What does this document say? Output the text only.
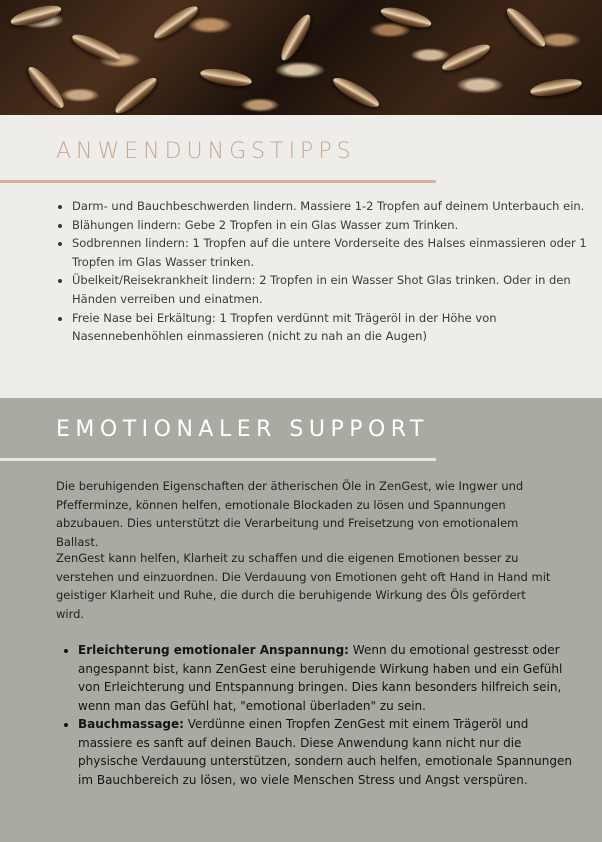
ANWENDUNGSTIPPS
• Darm- und Bauchbeschwerden lindern. Massiere 1-2 Tropfen auf deinem Unterbauch ein.
• Blähungen lindern: Gebe 2 Tropfen in ein Glas Wasser zum Trinken.
• Sodbrennen lindern: 1 Tropfen auf die untere Vorderseite des Halses einmassieren oder 1 Tropfen im Glas Wasser trinken.
• Übelkeit/Reisekrankheit lindern: 2 Tropfen in ein Wasser Shot Glas trinken. Oder in den Händen verreiben und einatmen.
• Freie Nase bei Erkältung: 1 Tropfen verdünnt mit Trägeröl in der Höhe von Nasennebenhöhlen einmassieren (nicht zu nah an die Augen)
EMOTIONALER SUPPORT

Die beruhigenden Eigenschaften der ätherischen Öle in ZenGest, wie Ingwer und Pfefferminze, können helfen, emotionale Blockaden zu lösen und Spannungen abzubauen. Dies unterstützt die Verarbeitung und Freisetzung von emotionalem Ballast.

ZenGest kann helfen, Klarheit zu schaffen und die eigenen Emotionen besser zu verstehen und einzuordnen. Die Verdauung von Emotionen geht oft Hand in Hand mit geistiger Klarheit und Ruhe, die durch die beruhigende Wirkung des Öls gefördert wird.

• Erleichterung emotionaler Anspannung: Wenn du emotional gestresst oder angespannt bist, kann ZenGest eine beruhigende Wirkung haben und ein Gefühl von Erleichterung und Entspannung bringen. Dies kann besonders hilfreich sein, wenn man das Gefühl hat, "emotional überladen" zu sein.
• Bauchmassage: Verdünne einen Tropfen ZenGest mit einem Trägeröl und massiere es sanft auf deinen Bauch. Diese Anwendung kann nicht nur die physische Verdauung unterstützen, sondern auch helfen, emotionale Spannungen im Bauchbereich zu lösen, wo viele Menschen Stress und Angst verspüren.
